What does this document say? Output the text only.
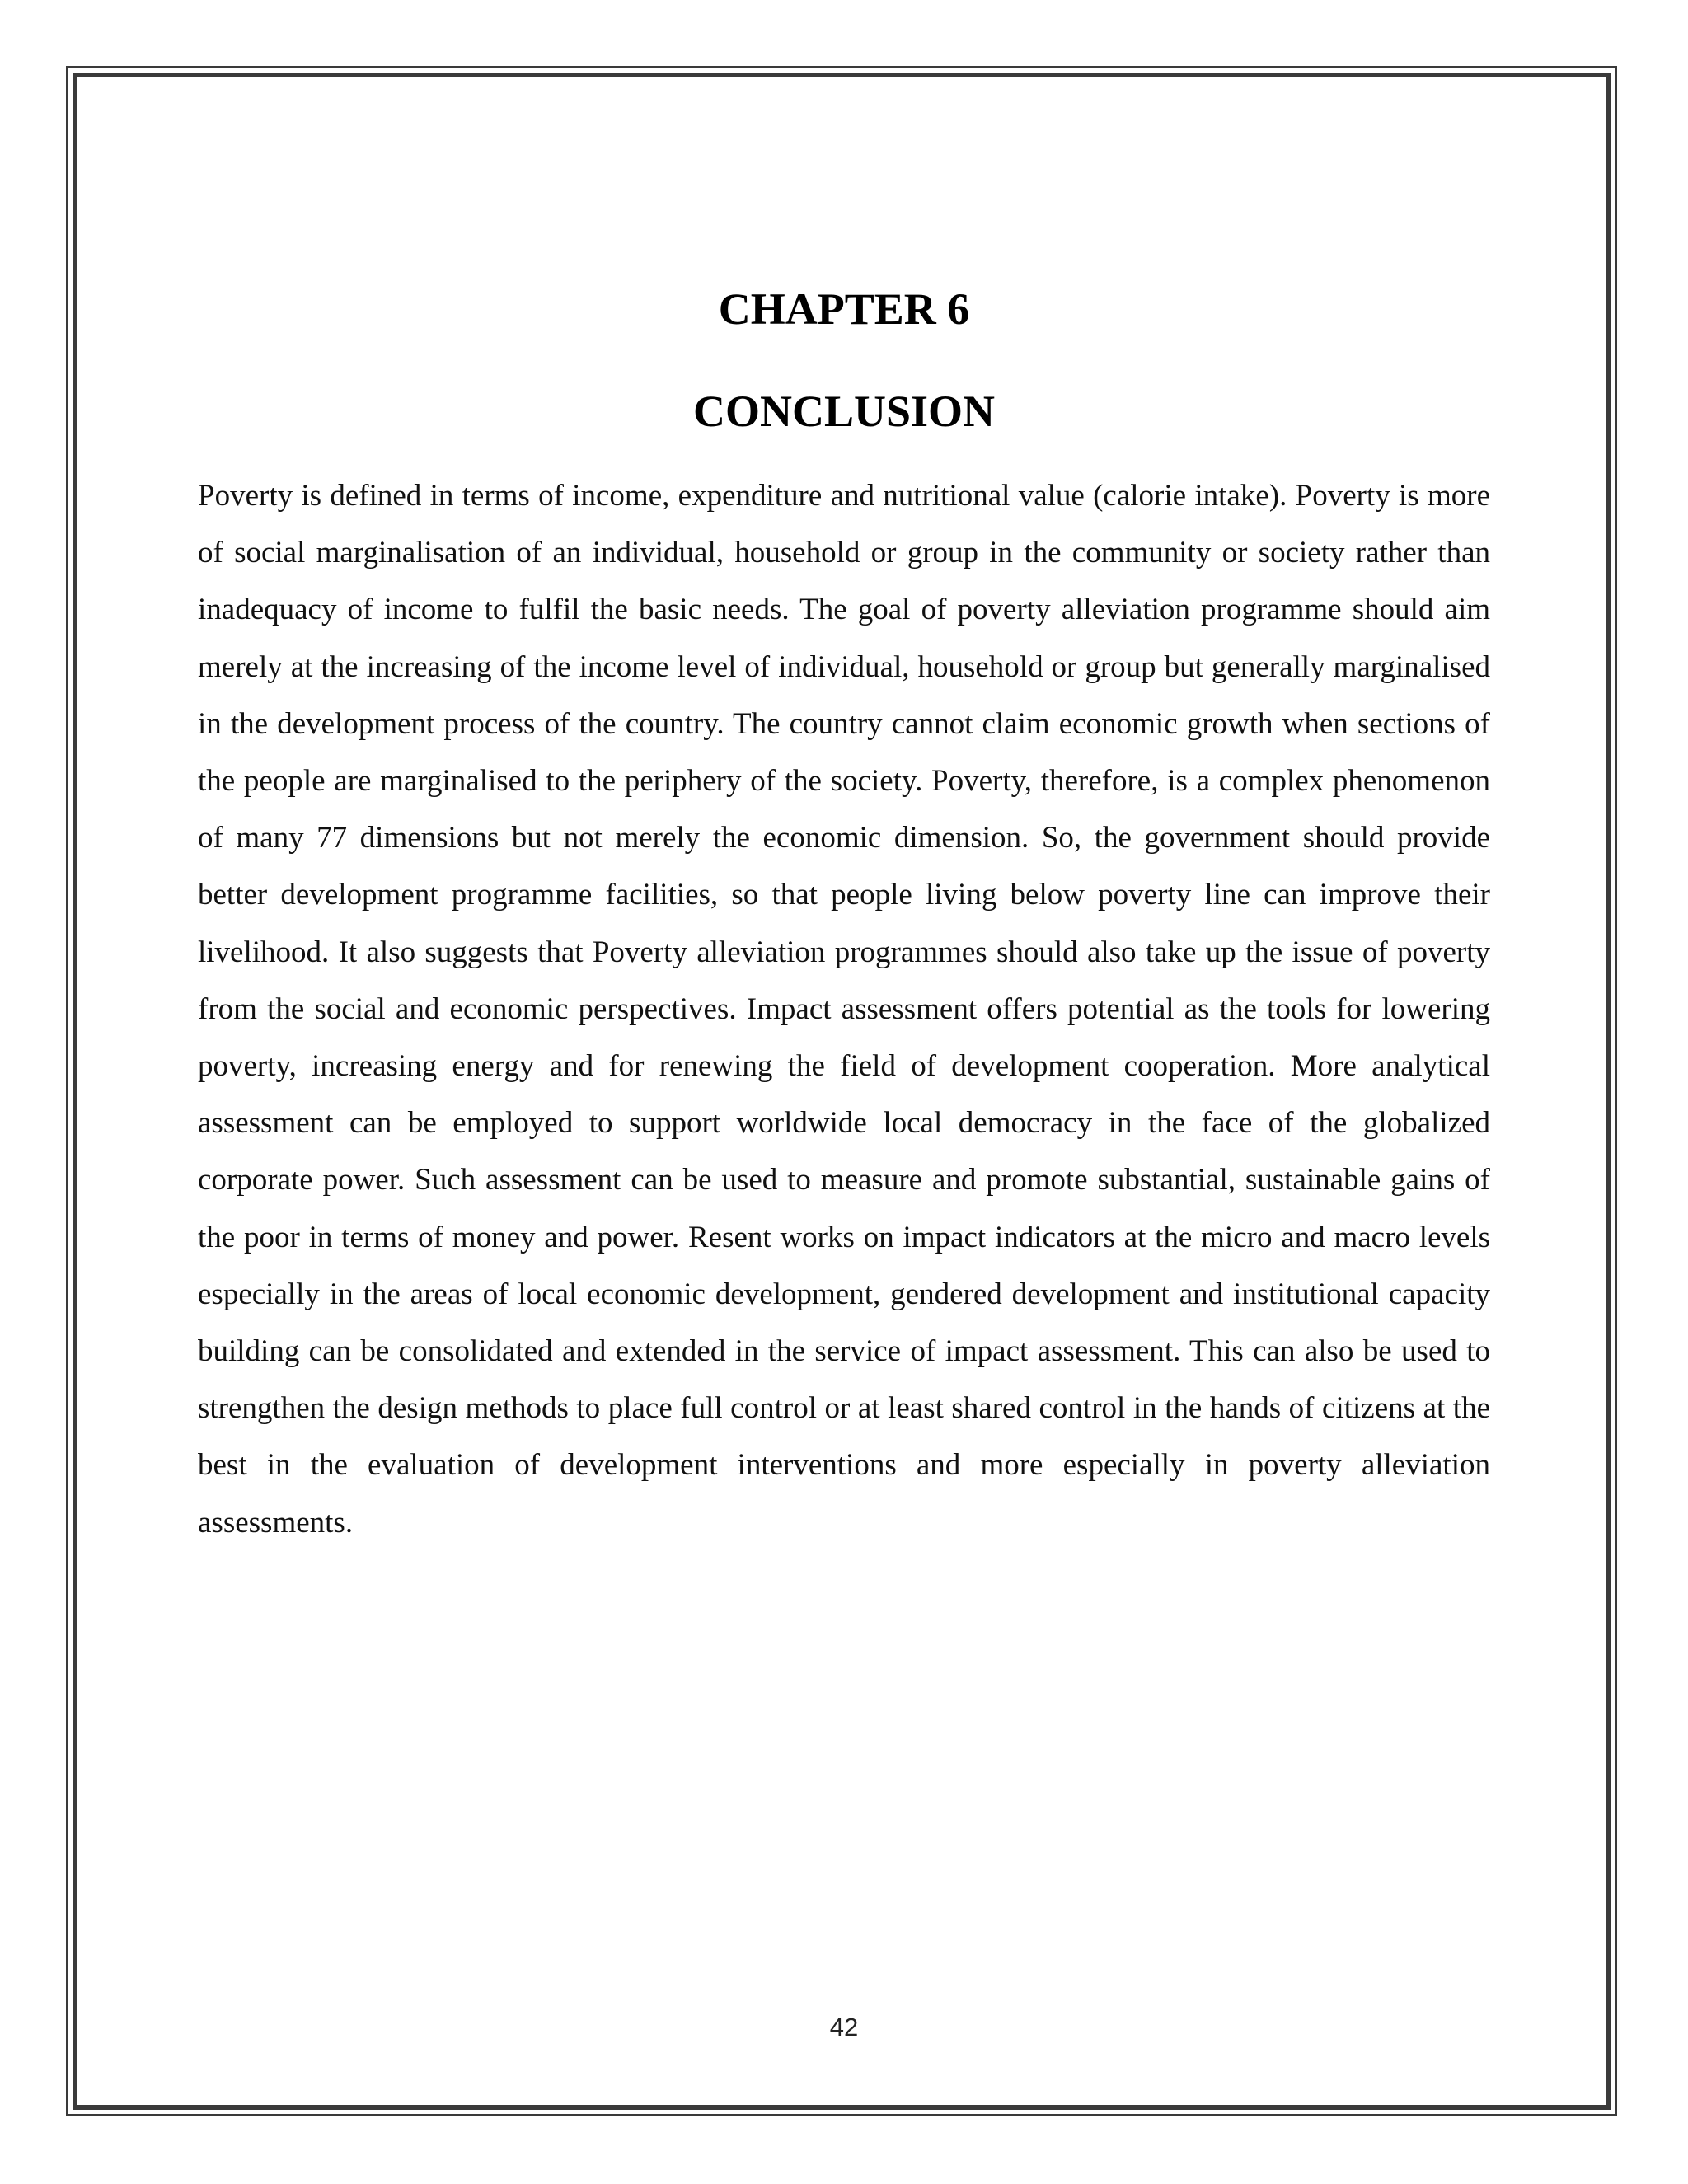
CHAPTER 6
CONCLUSION

Poverty is defined in terms of income, expenditure and nutritional value (calorie intake). Poverty is more of social marginalisation of an individual, household or group in the community or society rather than inadequacy of income to fulfil the basic needs. The goal of poverty alleviation programme should aim merely at the increasing of the income level of individual, household or group but generally marginalised in the development process of the country. The country cannot claim economic growth when sections of the people are marginalised to the periphery of the society. Poverty, therefore, is a complex phenomenon of many 77 dimensions but not merely the economic dimension. So, the government should provide better development programme facilities, so that people living below poverty line can improve their livelihood. It also suggests that Poverty alleviation programmes should also take up the issue of poverty from the social and economic perspectives. Impact assessment offers potential as the tools for lowering poverty, increasing energy and for renewing the field of development cooperation. More analytical assessment can be employed to support worldwide local democracy in the face of the globalized corporate power. Such assessment can be used to measure and promote substantial, sustainable gains of the poor in terms of money and power. Resent works on impact indicators at the micro and macro levels especially in the areas of local economic development, gendered development and institutional capacity building can be consolidated and extended in the service of impact assessment. This can also be used to strengthen the design methods to place full control or at least shared control in the hands of citizens at the best in the evaluation of development interventions and more especially in poverty alleviation assessments.

42
